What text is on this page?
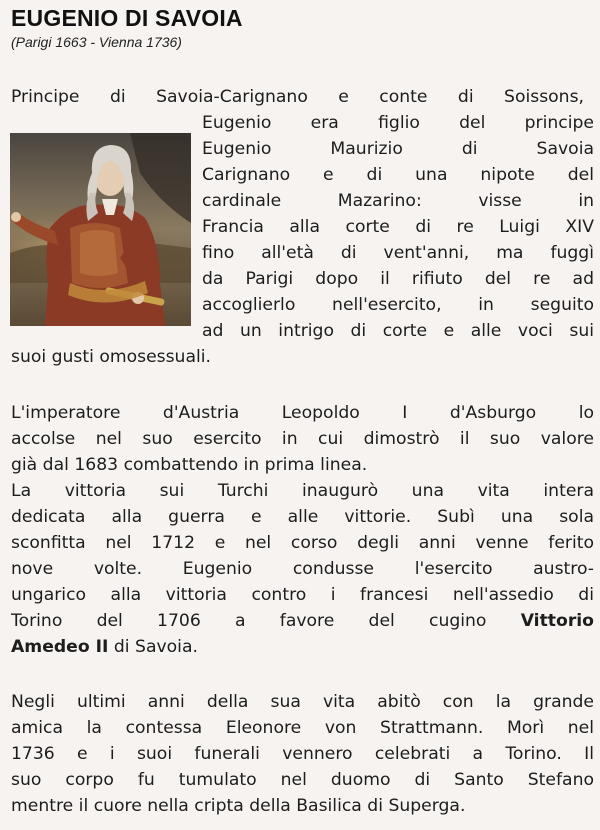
EUGENIO DI SAVOIA
(Parigi 1663 - Vienna 1736)
Principe di Savoia-Carignano e conte di Soissons,
Eugenio era figlio del principe
Eugenio Maurizio di Savoia
Carignano e di una nipote del
cardinale Mazarino: visse in
Francia alla corte di re Luigi XIV
fino all'età di vent'anni, ma fuggì
da Parigi dopo il rifiuto del re ad
accoglierlo nell'esercito, in seguito
ad un intrigo di corte e alle voci sui
suoi gusti omosessuali.
L'imperatore d'Austria Leopoldo I d'Asburgo lo
accolse nel suo esercito in cui dimostrò il suo valore
già dal 1683 combattendo in prima linea.
La vittoria sui Turchi inaugurò una vita intera
dedicata alla guerra e alle vittorie. Subì una sola
sconfitta nel 1712 e nel corso degli anni venne ferito
nove volte. Eugenio condusse l'esercito austro-
ungarico alla vittoria contro i francesi nell'assedio di
Torino del 1706 a favore del cugino Vittorio
Amedeo II di Savoia.
Negli ultimi anni della sua vita abitò con la grande
amica la contessa Eleonore von Strattmann. Morì nel
1736 e i suoi funerali vennero celebrati a Torino. Il
suo corpo fu tumulato nel duomo di Santo Stefano
mentre il cuore nella cripta della Basilica di Superga.
